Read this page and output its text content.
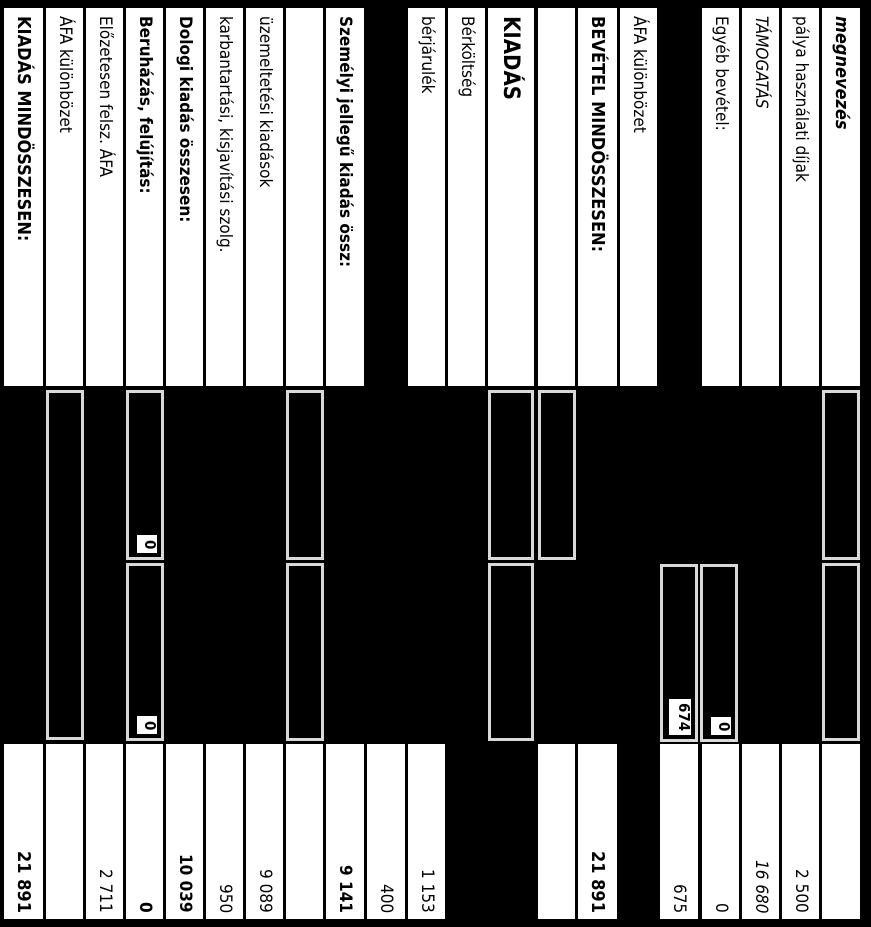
megnevezés
pálya használati díjak
2 500
TÁMOGATÁS
16 680
Egyéb bevétel:
0
0
ÁFA különbözet
674
675
BEVÉTEL MINDÖSSZESEN:
21 891
KIADÁS
Bérköltség
bérjárulék
1 153
400
Személyi jellegű kiadás össz:
9 141
üzemeltetési kiadások
9 089
karbantartási, kisjavítási szolg.
950
Dologi kiadás összesen:
10 039
Beruházás, felújítás:
0
0
0
Előzetesen felsz. ÁFA
2 711
ÁFA különbözet
KIADÁS MINDÖSSZESEN:
21 891
